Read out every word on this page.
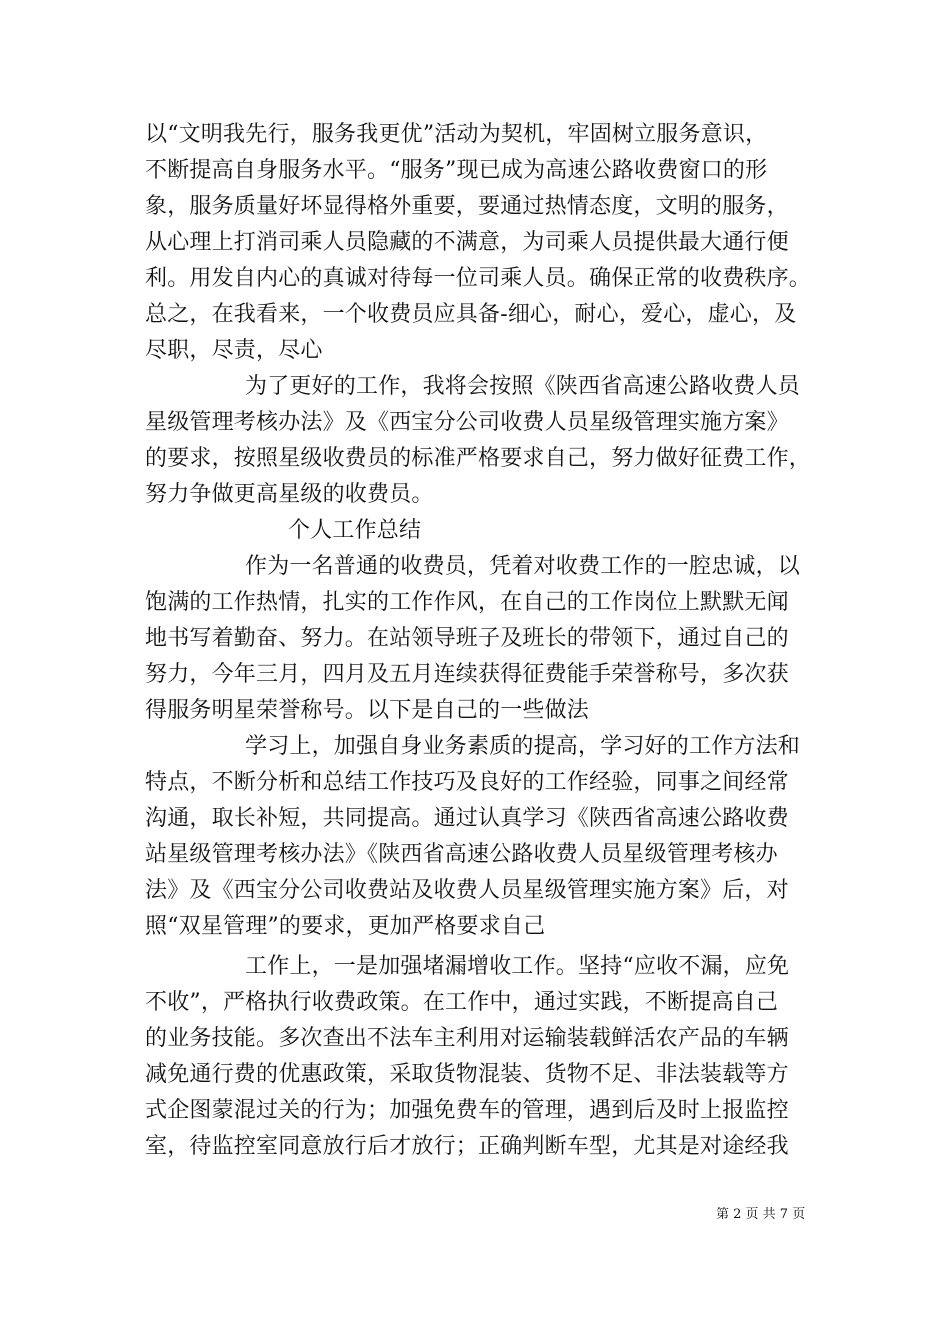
以“文明我先行，服务我更优”活动为契机，牢固树立服务意识，
不断提高自身服务水平。“服务”现已成为高速公路收费窗口的形
象，服务质量好坏显得格外重要，要通过热情态度，文明的服务，
从心理上打消司乘人员隐藏的不满意，为司乘人员提供最大通行便
利。用发自内心的真诚对待每一位司乘人员。确保正常的收费秩序。
总之，在我看来，一个收费员应具备-细心，耐心，爱心，虚心，及
尽职，尽责，尽心
为了更好的工作，我将会按照《陕西省高速公路收费人员
星级管理考核办法》及《西宝分公司收费人员星级管理实施方案》
的要求，按照星级收费员的标准严格要求自己，努力做好征费工作，
努力争做更高星级的收费员。
个人工作总结
作为一名普通的收费员，凭着对收费工作的一腔忠诚，以
饱满的工作热情，扎实的工作作风，在自己的工作岗位上默默无闻
地书写着勤奋、努力。在站领导班子及班长的带领下，通过自己的
努力，今年三月，四月及五月连续获得征费能手荣誉称号，多次获
得服务明星荣誉称号。以下是自己的一些做法
学习上，加强自身业务素质的提高，学习好的工作方法和
特点，不断分析和总结工作技巧及良好的工作经验，同事之间经常
沟通，取长补短，共同提高。通过认真学习《陕西省高速公路收费
站星级管理考核办法》《陕西省高速公路收费人员星级管理考核办
法》及《西宝分公司收费站及收费人员星级管理实施方案》后，对
照“双星管理”的要求，更加严格要求自己
工作上，一是加强堵漏增收工作。坚持“应收不漏，应免
不收”，严格执行收费政策。在工作中，通过实践，不断提高自己
的业务技能。多次查出不法车主利用对运输装载鲜活农产品的车辆
减免通行费的优惠政策，采取货物混装、货物不足、非法装载等方
式企图蒙混过关的行为；加强免费车的管理，遇到后及时上报监控
室，待监控室同意放行后才放行；正确判断车型，尤其是对途经我
第 2 页 共 7 页
